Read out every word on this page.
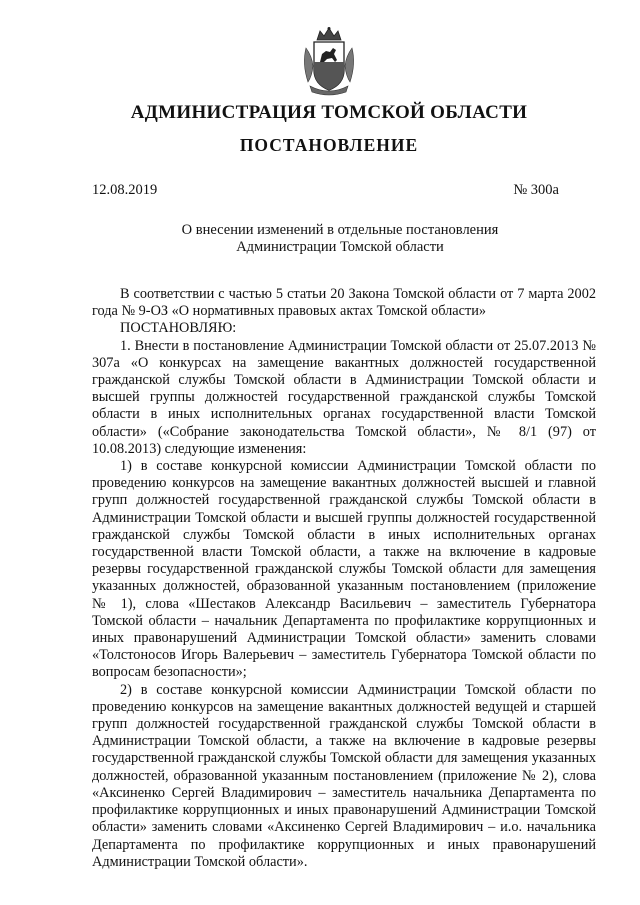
АДМИНИСТРАЦИЯ ТОМСКОЙ ОБЛАСТИ
ПОСТАНОВЛЕНИЕ
12.08.2019	№ 300а
О внесении изменений в отдельные постановления
Администрации Томской области

В соответствии с частью 5 статьи 20 Закона Томской области от 7 марта 2002 года № 9-ОЗ «О нормативных правовых актах Томской области»

ПОСТАНОВЛЯЮ:

1. Внести в постановление Администрации Томской области от 25.07.2013 № 307а «О конкурсах на замещение вакантных должностей государственной гражданской службы Томской области в Администрации Томской области и высшей группы должностей государственной гражданской службы Томской области в иных исполнительных органах государственной власти Томской области» («Собрание законодательства Томской области», № 8/1 (97) от 10.08.2013) следующие изменения:

1) в составе конкурсной комиссии Администрации Томской области по проведению конкурсов на замещение вакантных должностей высшей и главной групп должностей государственной гражданской службы Томской области в Администрации Томской области и высшей группы должностей государственной гражданской службы Томской области в иных исполнительных органах государственной власти Томской области, а также на включение в кадровые резервы государственной гражданской службы Томской области для замещения указанных должностей, образованной указанным постановлением (приложение № 1), слова «Шестаков Александр Васильевич – заместитель Губернатора Томской области – начальник Департамента по профилактике коррупционных и иных правонарушений Администрации Томской области» заменить словами «Толстоносов Игорь Валерьевич – заместитель Губернатора Томской области по вопросам безопасности»;

2) в составе конкурсной комиссии Администрации Томской области по проведению конкурсов на замещение вакантных должностей ведущей и старшей групп должностей государственной гражданской службы Томской области в Администрации Томской области, а также на включение в кадровые резервы государственной гражданской службы Томской области для замещения указанных должностей, образованной указанным постановлением (приложение № 2), слова «Аксиненко Сергей Владимирович – заместитель начальника Департамента по профилактике коррупционных и иных правонарушений Администрации Томской области» заменить словами «Аксиненко Сергей Владимирович – и.о. начальника Департамента по профилактике коррупционных и иных правонарушений Администрации Томской области».
